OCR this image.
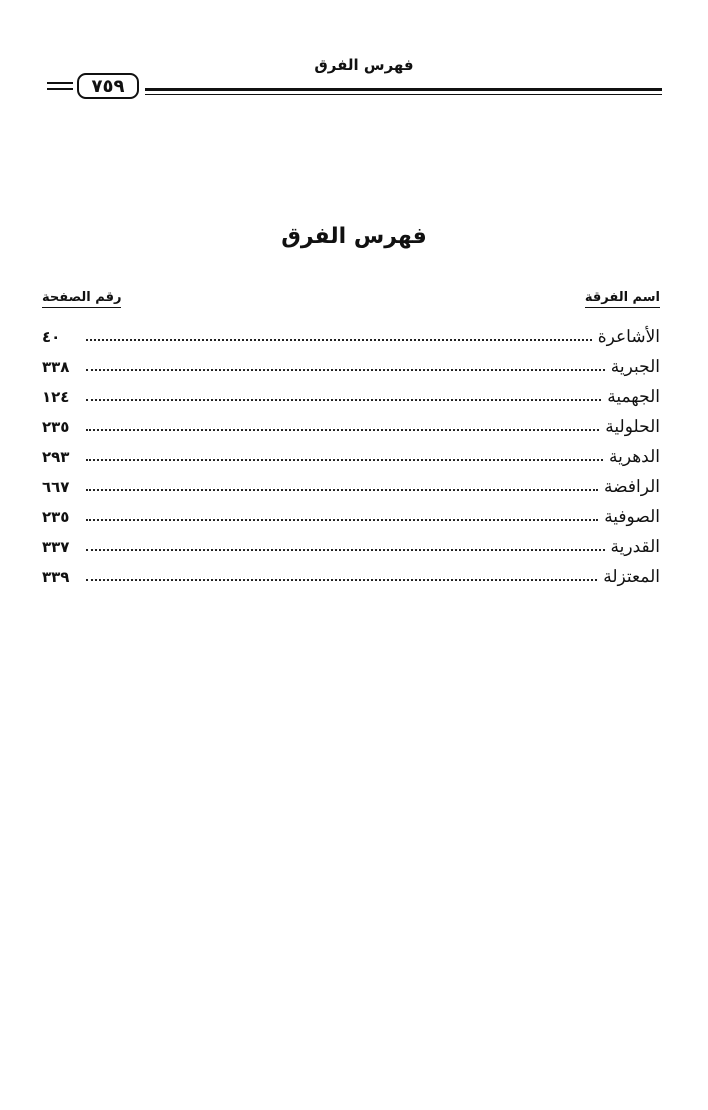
فهرس الفرق
٧٥٩
فهرس الفرق
اسم الفرقة
رقم الصفحة
الأشاعرة
٤٠
الجبرية
٣٣٨
الجهمية
١٢٤
الحلولية
٢٣٥
الدهرية
٢٩٣
الرافضة
٦٦٧
الصوفية
٢٣٥
القدرية
٣٣٧
المعتزلة
٣٣٩
